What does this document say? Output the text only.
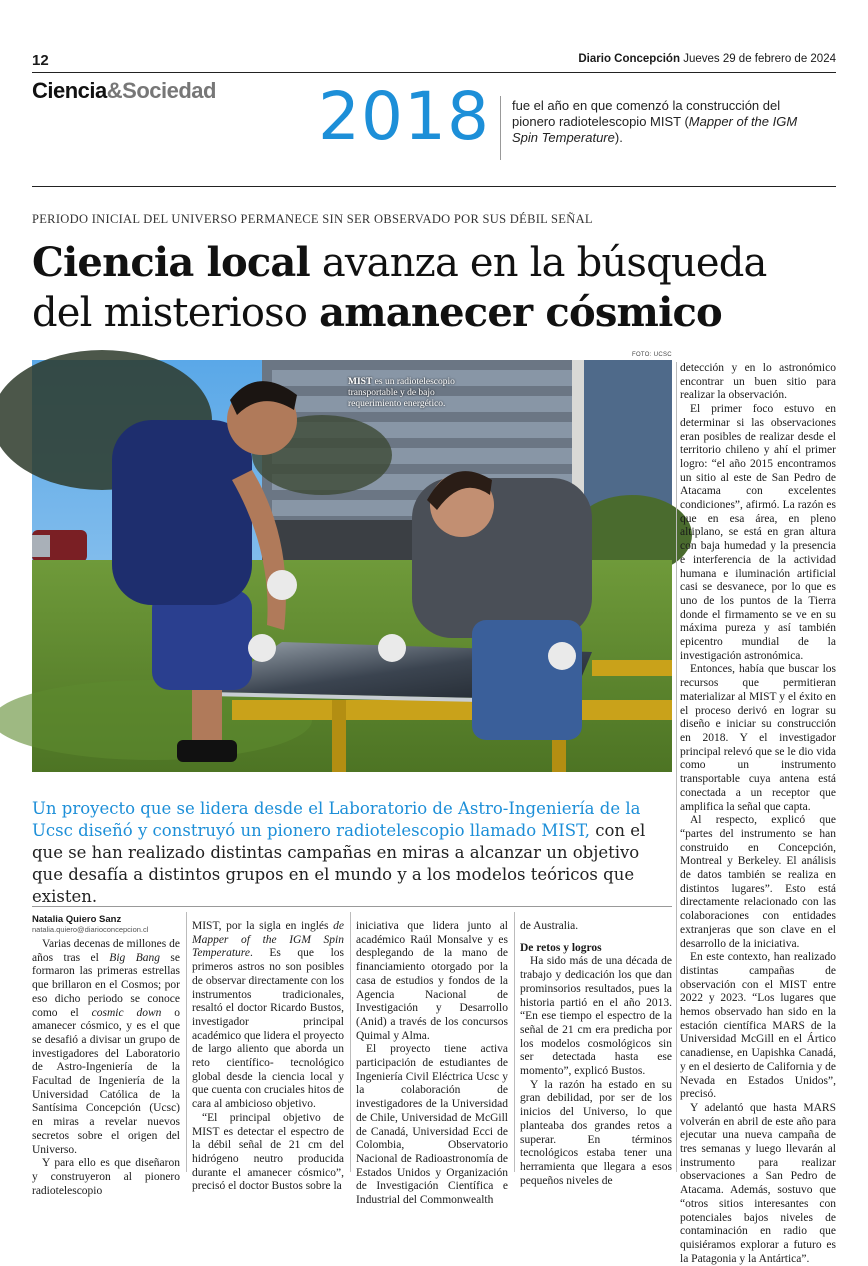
12	Diario Concepción Jueves 29 de febrero de 2024
Ciencia&Sociedad 2018 fue el año en que comenzó la construcción del pionero radiotelescopio MIST (Mapper of the IGM Spin Temperature).
PERIODO INICIAL DEL UNIVERSO PERMANECE SIN SER OBSERVADO POR SUS DÉBIL SEÑAL
Ciencia local avanza en la búsqueda del misterioso amanecer cósmico
FOTO: UCSC
MIST es un radiotelescopio transportable y de bajo requerimiento energético.

detección y en lo astronómico encontrar un buen sitio para realizar la observación.

El primer foco estuvo en determinar si las observaciones eran posibles de realizar desde el territorio chileno y ahí el primer logro: “el año 2015 encontramos un sitio al este de San Pedro de Atacama con excelentes condiciones”, afirmó. La razón es que en esa área, en pleno altiplano, se está en gran altura con baja humedad y la presencia e interferencia de la actividad humana e iluminación artificial casi se desvanece, por lo que es uno de los puntos de la Tierra donde el firmamento se ve en su máxima pureza y así también epicentro mundial de la investigación astronómica.

Entonces, había que buscar los recursos que permitieran materializar al MIST y el éxito en el proceso derivó en lograr su diseño e iniciar su construcción en 2018. Y el investigador principal relevó que se le dio vida como un instrumento transportable cuya antena está conectada a un receptor que amplifica la señal que capta.

Al respecto, explicó que “partes del instrumento se han construido en Concepción, Montreal y Berkeley. El análisis de datos también se realiza en distintos lugares”. Esto está directamente relacionado con las colaboraciones con entidades extranjeras que son clave en el desarrollo de la iniciativa.

En este contexto, han realizado distintas campañas de observación con el MIST entre 2022 y 2023. “Los lugares que hemos observado han sido en la estación científica MARS de la Universidad McGill en el Ártico canadiense, en Uapishka Canadá, y en el desierto de California y de Nevada en Estados Unidos”, precisó.

Y adelantó que hasta MARS volverán en abril de este año para ejecutar una nueva campaña de tres semanas y luego llevarán al instrumento para realizar observaciones a San Pedro de Atacama. Además, sostuvo que “otros sitios interesantes con potenciales bajos niveles de contaminación en radio que quisiéramos explorar a futuro es la Patagonia y la Antártica”.

Un proyecto que se lidera desde el Laboratorio de Astro-Ingeniería de la Ucsc diseñó y construyó un pionero radiotelescopio llamado MIST, con el que se han realizado distintas campañas en miras a alcanzar un objetivo que desafía a distintos grupos en el mundo y a los modelos teóricos que existen.
Natalia Quiero Sanz
natalia.quiero@diarioconcepcion.cl

Varias decenas de millones de años tras el Big Bang se formaron las primeras estrellas que brillaron en el Cosmos; por eso dicho periodo se conoce como el cosmic down o amanecer cósmico, y es el que se desafió a divisar un grupo de investigadores del Laboratorio de Astro-Ingeniería de la Facultad de Ingeniería de la Universidad Católica de la Santísima Concepción (Ucsc) en miras a revelar nuevos secretos sobre el origen del Universo.

Y para ello es que diseñaron y construyeron al pionero radiotelescopio

MIST, por la sigla en inglés de Mapper of the IGM Spin Temperature. Es que los primeros astros no son posibles de observar directamente con los instrumentos tradicionales, resaltó el doctor Ricardo Bustos, investigador principal académico que lidera el proyecto de largo aliento que aborda un reto científico- tecnológico global desde la ciencia local y que cuenta con cruciales hitos de cara al ambicioso objetivo.

“El principal objetivo de MIST es detectar el espectro de la débil señal de 21 cm del hidrógeno neutro producida durante el amanecer cósmico”, precisó el doctor Bustos sobre la

iniciativa que lidera junto al académico Raúl Monsalve y es desplegando de la mano de financiamiento otorgado por la casa de estudios y fondos de la Agencia Nacional de Investigación y Desarrollo (Anid) a través de los concursos Quimal y Alma.

El proyecto tiene activa participación de estudiantes de Ingeniería Civil Eléctrica Ucsc y la colaboración de investigadores de la Universidad de Chile, Universidad de McGill de Canadá, Universidad Ecci de Colombia, Observatorio Nacional de Radioastronomía de Estados Unidos y Organización de Investigación Científica e Industrial del Commonwealth

de Australia.

De retos y logros

Ha sido más de una década de trabajo y dedicación los que dan prominsorios resultados, pues la historia partió en el año 2013. “En ese tiempo el espectro de la señal de 21 cm era predicha por los modelos cosmológicos sin ser detectada hasta ese momento”, explicó Bustos.

Y la razón ha estado en su gran debilidad, por ser de los inicios del Universo, lo que planteaba dos grandes retos a superar. En términos tecnológicos estaba tener una herramienta que llegara a esos pequeños niveles de
